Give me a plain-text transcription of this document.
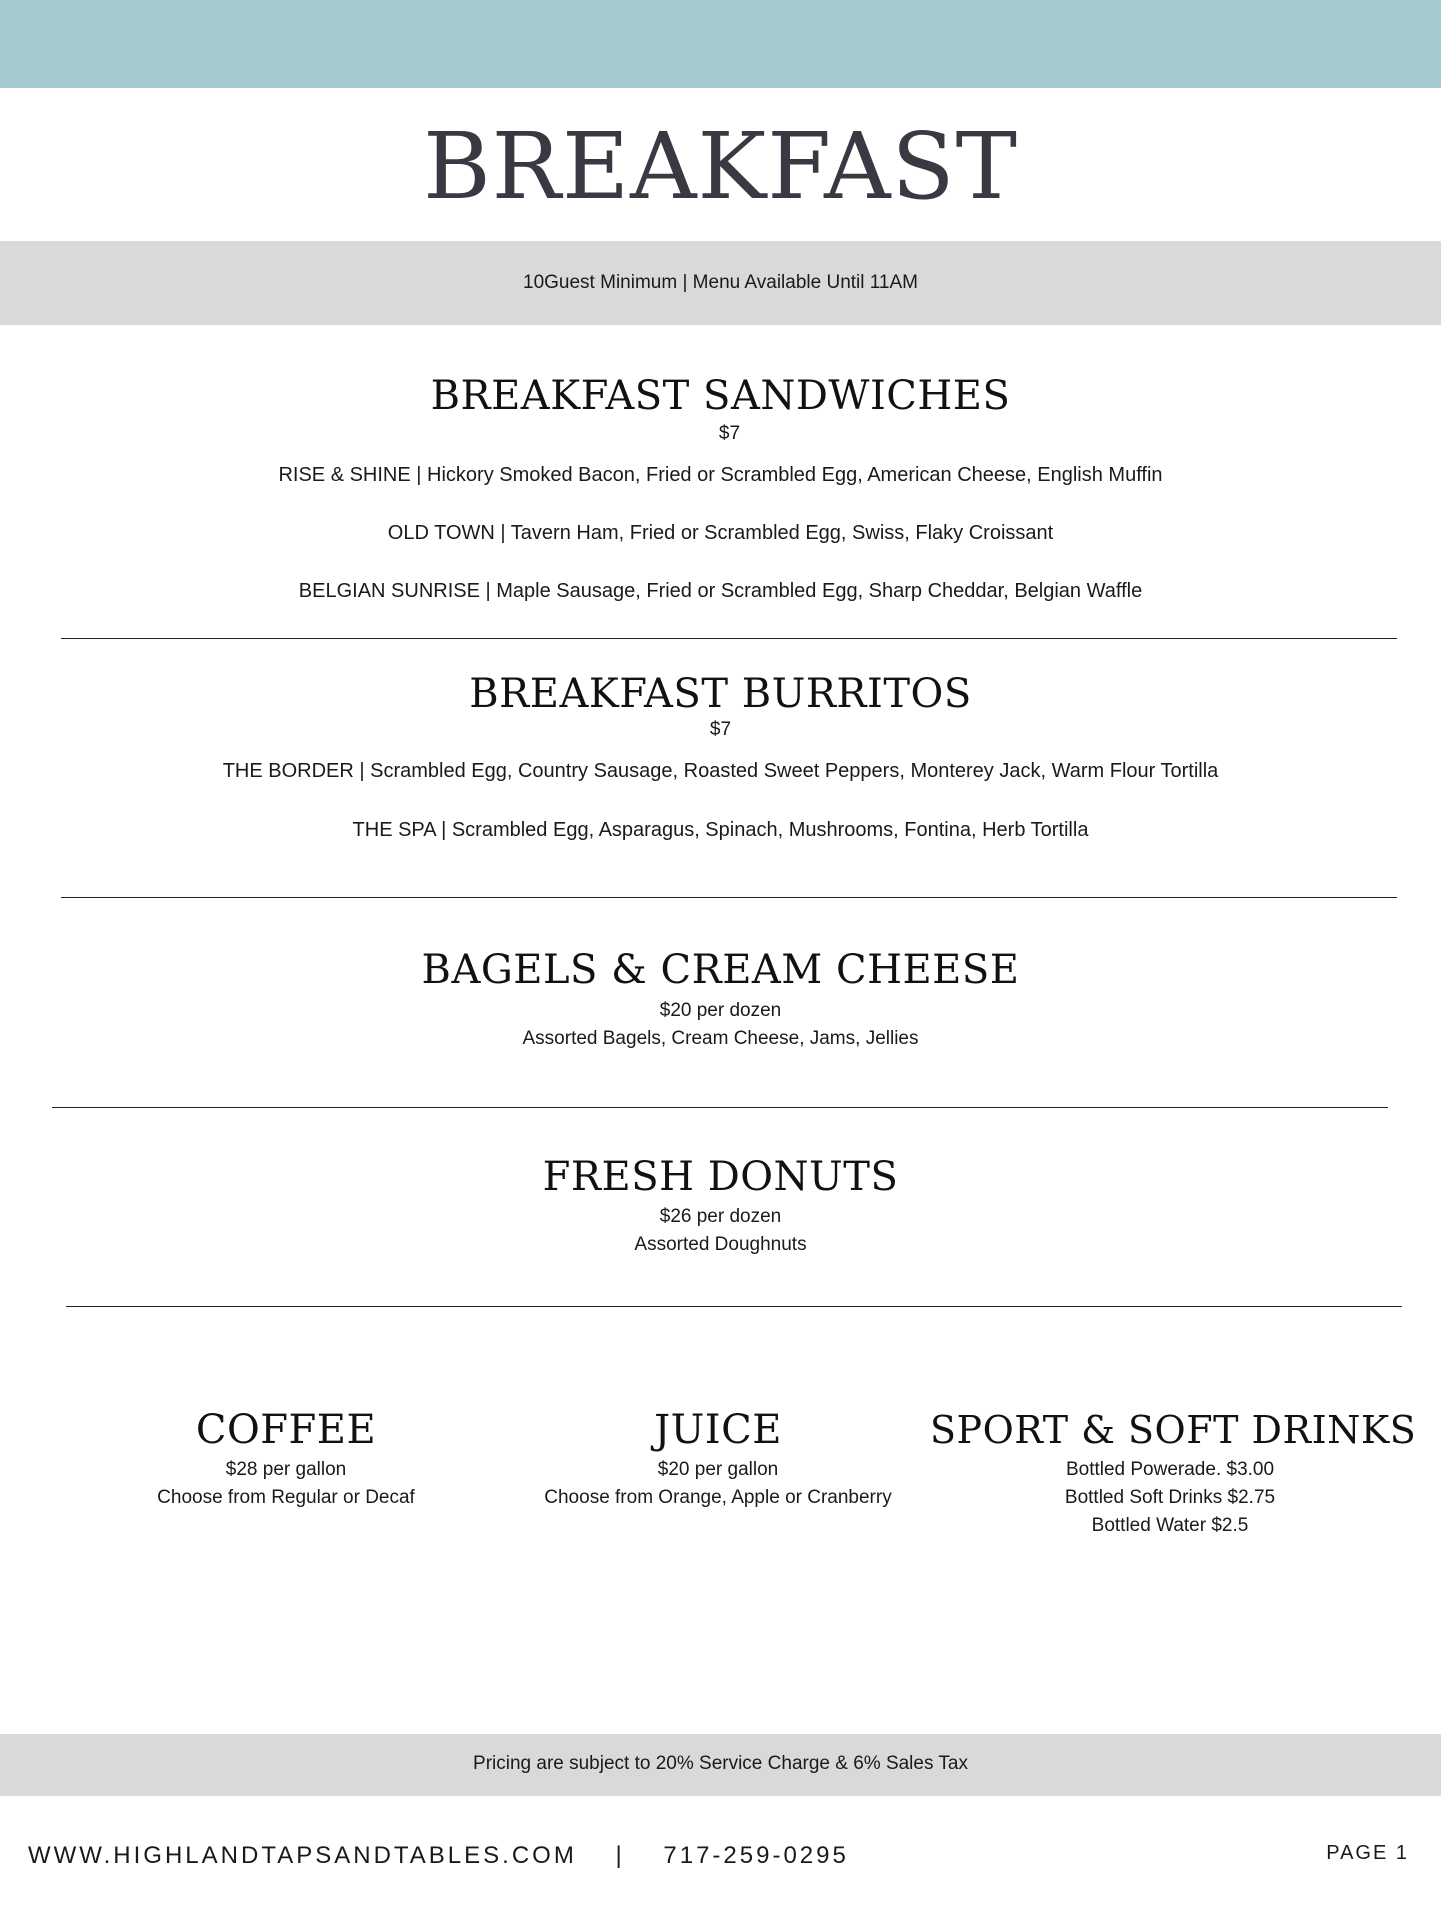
BREAKFAST
10Guest Minimum | Menu Available Until 11AM
BREAKFAST SANDWICHES
$7
RISE & SHINE | Hickory Smoked Bacon, Fried or Scrambled Egg, American Cheese, English Muffin
OLD TOWN | Tavern Ham, Fried or Scrambled Egg, Swiss, Flaky Croissant
BELGIAN SUNRISE | Maple Sausage, Fried or Scrambled Egg, Sharp Cheddar, Belgian Waffle
BREAKFAST BURRITOS
$7
THE BORDER | Scrambled Egg, Country Sausage, Roasted Sweet Peppers, Monterey Jack, Warm Flour Tortilla
THE SPA | Scrambled Egg, Asparagus, Spinach, Mushrooms, Fontina, Herb Tortilla
BAGELS & CREAM CHEESE
$20 per dozen
Assorted Bagels, Cream Cheese, Jams, Jellies
FRESH DONUTS
$26 per dozen
Assorted Doughnuts
COFFEE
$28 per gallon
Choose from Regular or Decaf
JUICE
$20 per gallon
Choose from Orange, Apple or Cranberry
SPORT & SOFT DRINKS
Bottled Powerade. $3.00
Bottled Soft Drinks $2.75
Bottled Water $2.5
Pricing are subject to 20% Service Charge & 6% Sales Tax
WWW.HIGHLANDTAPSANDTABLES.COM    |    717-259-0295	PAGE 1
